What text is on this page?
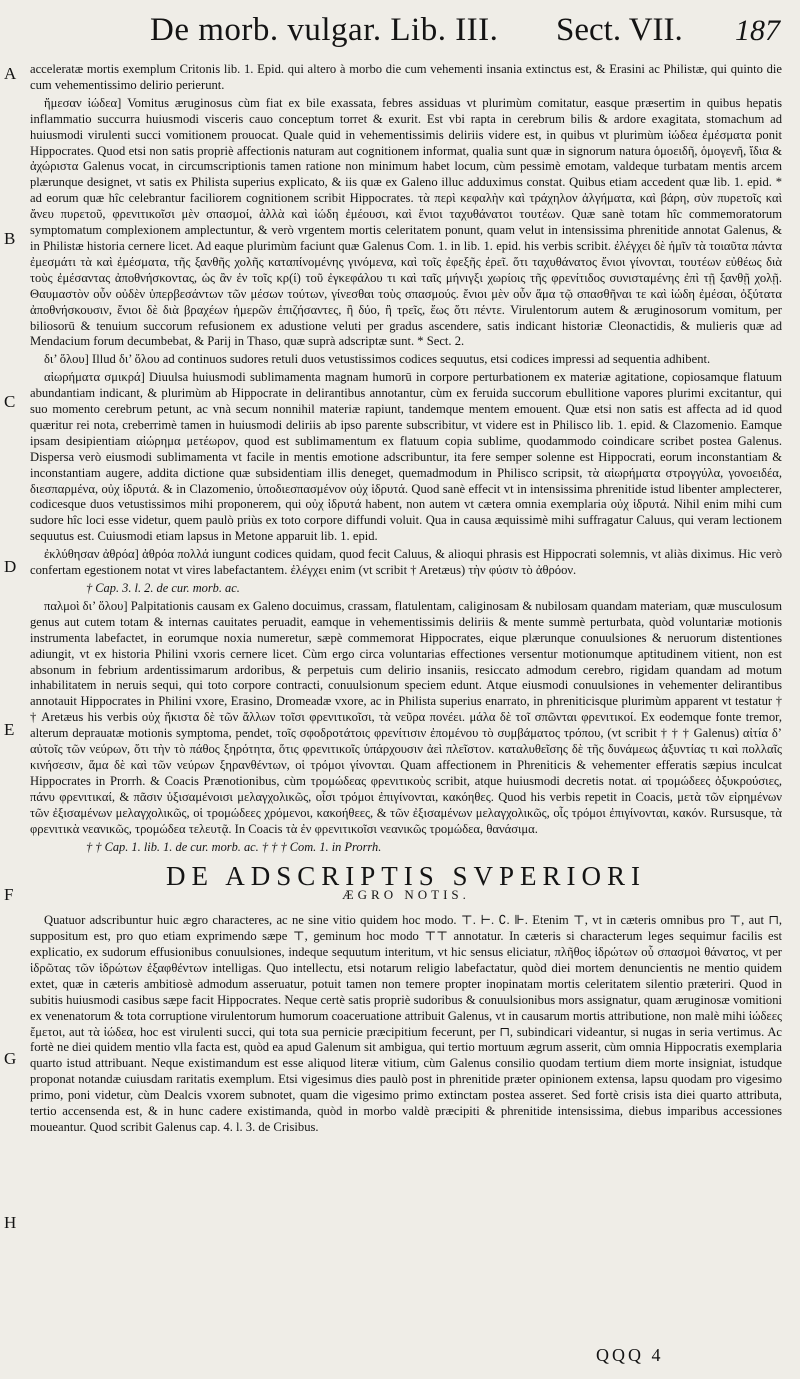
De morb. vulgar. Lib. III. Sect. VII. 187
A
B
C
D
E
F
G
H

acceleratæ mortis exemplum Critonis lib. 1. Epid. qui altero à morbo die cum vehementi insania extinctus est, & Erasini ac Philistæ, qui quinto die cum vehementissimo delirio perierunt.

ἤμεσαν ἰώδεα] Vomitus æruginosus cùm fiat ex bile exassata, febres assiduas vt plurimùm comitatur, easque præsertim in quibus hepatis inflammatio succurra huiusmodi visceris cauo conceptum torret & exurit. Est vbi rapta in cerebrum bilis & ardore exagitata, stomachum ad huiusmodi virulenti succi vomitionem prouocat. Quale quid in vehementissimis deliriis videre est, in quibus vt plurimùm ἰώδεα ἐμέσματα ponit Hippocrates. Quod etsi non satis propriè affectionis naturam aut cognitionem informat, qualia sunt quæ in signorum natura ὁμοειδῆ, ὁμογενῆ, ἴδια & ἀχώριστα Galenus vocat, in circumscriptionis tamen ratione non minimum habet locum, cùm pessimè emotam, valdeque turbatam mentis arcem plærunque designet, vt satis ex Philista superius explicato, & iis quæ ex Galeno illuc adduximus constat. Quibus etiam accedent quæ lib. 1. epid. * ad eorum quæ hîc celebrantur faciliorem cognitionem scribit Hippocrates. τὰ περὶ κεφαλὴν καὶ τράχηλον ἀλγήματα, καὶ βάρη, σὺν πυρετοῖς καὶ ἄνευ πυρετοῦ, φρενιτικοῖσι μὲν σπασμοί, ἀλλὰ καὶ ἰώδη ἐμέουσι, καὶ ἔνιοι ταχυθάνατοι τουτέων. Quæ sanè totam hîc commemoratorum symptomatum complexionem amplectuntur, & verò vrgentem mortis celeritatem ponunt, quam velut in intensissima phrenitide annotat Galenus, & in Philistæ historia cernere licet. Ad eaque plurimùm faciunt quæ Galenus Com. 1. in lib. 1. epid. his verbis scribit. ἐλέγχει δὲ ἡμῖν τὰ τοιαῦτα πάντα ἐμεσμάτι τὰ καὶ ἐμέσματα, τῆς ξανθῆς χολῆς καταπίνομένης γινόμενα, καὶ τοῖς ἐφεξῆς ἐρεῖ. ὅτι ταχυθάνατος ἔνιοι γίνονται, τουτέων εὐθέως διὰ τοὺς ἐμέσαντας ἀποθνήσκοντας, ὡς ἂν ἐν τοῖς κρ(ί) τοῦ ἐγκεφάλου τι καὶ ταῖς μήνιγξι χωρίοις τῆς φρενίτιδος συνισταμένης ἐπὶ τῇ ξανθῇ χολῇ. Θαυμαστὸν οὖν οὐδὲν ὑπερβεσάντων τῶν μέσων τούτων, γίνεσθαι τοὺς σπασμούς. ἔνιοι μὲν οὖν ἅμα τῷ σπασθῆναι τε καὶ ἰώδη ἐμέσαι, ὀξύτατα ἀποθνήσκουσιν, ἔνιοι δὲ διὰ βραχέων ἡμερῶν ἐπιζήσαντες, ἢ δύο, ἢ τρεῖς, ἕως ὅτι πέντε. Virulentorum autem & æruginosorum vomitum, per biliosorū & tenuium succorum refusionem ex adustione veluti per gradus ascendere, satis indicant historiæ Cleonactidis, & mulieris quæ ad Mendacium forum decumbebat, & Parij in Thaso, quæ suprà adscriptæ sunt. * Sect. 2.

δι’ ὅλου] Illud δι’ ὅλου ad continuos sudores retuli duos vetustissimos codices sequutus, etsi codices impressi ad sequentia adhibent.

αἰωρήματα σμικρά] Diuulsa huiusmodi sublimamenta magnam humorū in corpore perturbationem ex materiæ agitatione, copiosamque flatuum abundantiam indicant, & plurimùm ab Hippocrate in delirantibus annotantur, cùm ex feruida succorum ebullitione vapores plurimi excitantur, qui suo momento cerebrum petunt, ac vnà secum nonnihil materiæ rapiunt, tandemque mentem emouent. Quæ etsi non satis est affecta ad id quod quæritur rei nota, creberrimè tamen in huiusmodi deliriis ab ipso parente subscribitur, vt videre est in Philisco lib. 1. epid. & Clazomenio. Eamque ipsam desipientiam αἰώρημα μετέωρον, quod est sublimamentum ex flatuum copia sublime, quodammodo coindicare scribet postea Galenus. Dispersa verò eiusmodi sublimamenta vt facile in mentis emotione adscribuntur, ita fere semper solenne est Hippocrati, eorum inconstantiam & inconstantiam augere, addita dictione quæ subsidentiam illis deneget, quemadmodum in Philisco scripsit, τὰ αἰωρήματα στρογγύλα, γονοειδέα, διεσπαρμένα, οὐχ ἱδρυτά. & in Clazomenio, ὑποδιεσπασμένον οὐχ ἱδρυτά. Quod sanè effecit vt in intensissima phrenitide istud libenter amplecterer, codicesque duos vetustissimos mihi proponerem, qui οὐχ ἱδρυτά habent, non autem vt cætera omnia exemplaria οὐχ ἱδρυτά. Nihil enim mihi cum sudore hîc loci esse videtur, quem paulò priùs ex toto corpore diffundi voluit. Qua in causa æquissimè mihi suffragatur Caluus, qui veram lectionem sequutus est. Cuiusmodi etiam lapsus in Metone apparuit lib. 1. epid.

ἐκλύθησαν ἀθρόα] ἀθρόα πολλά iungunt codices quidam, quod fecit Caluus, & alioqui phrasis est Hippocrati solemnis, vt aliàs diximus. Hic verò confertam egestionem notat vt vires labefactantem. ἐλέγχει enim (vt scribit † Aretæus) τὴν φύσιν τὸ ἀθρόον.

† Cap. 3. l. 2. de cur. morb. ac.

παλμοὶ δι’ ὅλου] Palpitationis causam ex Galeno docuimus, crassam, flatulentam, caliginosam & nubilosam quandam materiam, quæ musculosum genus aut cutem totam & internas cauitates peruadit, eamque in vehementissimis deliriis & mente summè perturbata, quòd voluntariæ motionis instrumenta labefactet, in eorumque noxia numeretur, sæpè commemorat Hippocrates, eique plærunque conuulsiones & neruorum distentiones adiungit, vt ex historia Philini vxoris cernere licet. Cùm ergo circa voluntarias effectiones versentur motionumque aptitudinem vitient, non est absonum in febrium ardentissimarum ardoribus, & perpetuis cum delirio insaniis, resiccato admodum cerebro, rigidam quandam ad motum inhabilitatem in neruis sequi, qui toto corpore contracti, conuulsionum speciem edunt. Atque eiusmodi conuulsiones in vehementer delirantibus annotauit Hippocrates in Philini vxore, Erasino, Dromeadæ vxore, ac in Philista superius enarrato, in phreniticisque plurimùm apparent vt testatur † † Aretæus his verbis οὐχ ἥκιστα δὲ τῶν ἄλλων τοῖσι φρενιτικοῖσι, τὰ νεῦρα πονέει. μάλα δὲ τοῖ σπῶνται φρενιτικοί. Ex eodemque fonte tremor, alterum deprauatæ motionis symptoma, pendet, τοῖς σφοδροτάτοις φρενίτισιν ἐπομένου τὸ συμβάματος τρόπου, (vt scribit † † † Galenus) αἰτία δ’ αὐτοῖς τῶν νεύρων, ὅτι τὴν τὸ πάθος ξηρότητα, ὅτις φρενιτικοῖς ὑπάρχουσιν ἀεὶ πλεῖστον. καταλυθεῖσης δὲ τῆς δυνάμεως ἀξυντίας τι καὶ πολλαῖς κινήσεσιν, ἅμα δὲ καὶ τῶν νεύρων ξηρανθέντων, οἱ τρόμοι γίνονται. Quam affectionem in Phreniticis & vehementer efferatis sæpius inculcat Hippocrates in Prorrh. & Coacis Prænotionibus, cùm τρομώδεας φρενιτικοὺς scribit, atque huiusmodi decretis notat. αἱ τρομώδεες ὀξυκρούσιες, πάνυ φρενιτικαί, & πᾶσιν ὑξισαμένοισι μελαγχολικῶς, οἷσι τρόμοι ἐπιγίνονται, κακόηθες. Quod his verbis repetit in Coacis, μετὰ τῶν εἰρημένων τῶν ἐξισαμένων μελαγχολικῶς, οἱ τρομώδεες χρόμενοι, κακοήθεες, & τῶν ἐξισαμένων μελαγχολικῶς, οἷς τρόμοι ἐπιγίνονται, κακόν. Rursusque, τὰ φρενιτικὰ νεανικῶς, τρομώδεα τελευτᾷ. In Coacis τὰ ἐν φρενιτικοῖσι νεανικῶς τρομώδεα, θανάσιμα.

† † Cap. 1. lib. 1. de cur. morb. ac. † † † Com. 1. in Prorrh.

DE ADSCRIPTIS SVPERIORI
ÆGRO NOTIS.

Quatuor adscribuntur huic ægro characteres, ac ne sine vitio quidem hoc modo. ⊤. ⊢. ∁. ⊩. Etenim ⊤, vt in cæteris omnibus pro ⊤, aut ⊓, suppositum est, pro quo etiam exprimendo sæpe ⊤, geminum hoc modo ⊤⊤ annotatur. In cæteris si characterum leges sequimur facilis est explicatio, ex sudorum effusionibus conuulsiones, indeque sequutum interitum, vt hic sensus eliciatur, πλῆθος ἱδρώτων οὗ σπασμοὶ θάνατος, vt per ἱδρῶτας τῶν ἱδρώτων ἐξαφθέντων intelligas. Quo intellectu, etsi notarum religio labefactatur, quòd diei mortem denuncientis ne mentio quidem extet, quæ in cæteris ambitiosè admodum asseruatur, potuit tamen non temere propter inopinatam mortis celeritatem silentio præteriri. Quod in subitis huiusmodi casibus sæpe facit Hippocrates. Neque certè satis propriè sudoribus & conuulsionibus mors assignatur, quam æruginosæ vomitioni ex venenatorum & tota corruptione virulentorum humorum coaceruatione attribuit Galenus, vt in causarum mortis attributione, non malè mihi ἰώδεες ἔμετοι, aut τὰ ἰώδεα, hoc est virulenti succi, qui tota sua pernicie præcipitium fecerunt, per ⊓, subindicari videantur, si nugas in seria vertimus. Ac fortè ne diei quidem mentio vlla facta est, quòd ea apud Galenum sit ambigua, qui tertio mortuum ægrum asserit, cùm omnia Hippocratis exemplaria quarto istud attribuant. Neque existimandum est esse aliquod literæ vitium, cùm Galenus consilio quodam tertium diem morte insigniat, istudque proponat notandæ cuiusdam raritatis exemplum. Etsi vigesimus dies paulò post in phrenitide præter opinionem extensa, lapsu quodam pro vigesimo primo, poni videtur, cùm Dealcis vxorem subnotet, quam die vigesimo primo extinctam postea asseret. Sed fortè crisis ista diei quarto attributa, tertio accensenda est, & in hunc cadere existimanda, quòd in morbo valdè præcipiti & phrenitide intensissima, diebus imparibus accessiones moueantur. Quod scribit Galenus cap. 4. l. 3. de Crisibus.

QQQ 4
